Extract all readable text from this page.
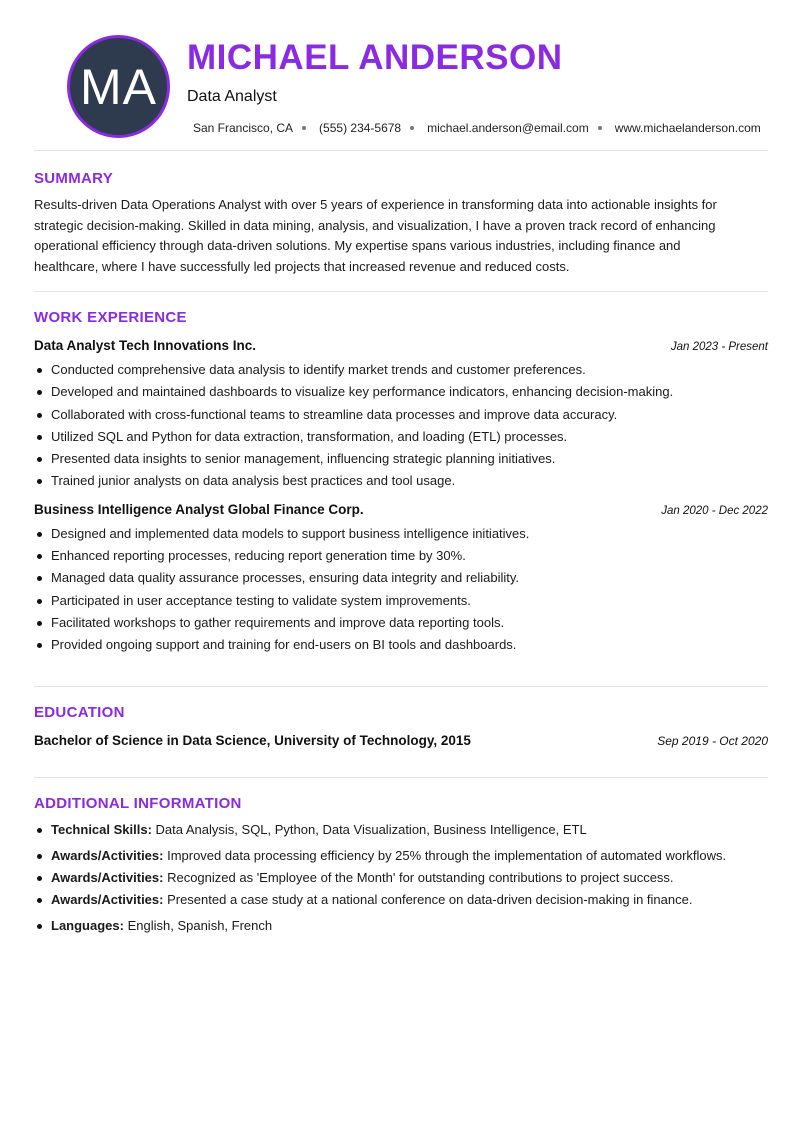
MA
MICHAEL ANDERSON
Data Analyst
San Francisco, CA (555) 234-5678 michael.anderson@email.com www.michaelanderson.com
SUMMARY
Results-driven Data Operations Analyst with over 5 years of experience in transforming data into actionable insights for
strategic decision-making. Skilled in data mining, analysis, and visualization, I have a proven track record of enhancing
operational efficiency through data-driven solutions. My expertise spans various industries, including finance and
healthcare, where I have successfully led projects that increased revenue and reduced costs.
WORK EXPERIENCE
Data Analyst Tech Innovations Inc.	Jan 2023 - Present
Conducted comprehensive data analysis to identify market trends and customer preferences.
Developed and maintained dashboards to visualize key performance indicators, enhancing decision-making.
Collaborated with cross-functional teams to streamline data processes and improve data accuracy.
Utilized SQL and Python for data extraction, transformation, and loading (ETL) processes.
Presented data insights to senior management, influencing strategic planning initiatives.
Trained junior analysts on data analysis best practices and tool usage.
Business Intelligence Analyst Global Finance Corp.	Jan 2020 - Dec 2022
Designed and implemented data models to support business intelligence initiatives.
Enhanced reporting processes, reducing report generation time by 30%.
Managed data quality assurance processes, ensuring data integrity and reliability.
Participated in user acceptance testing to validate system improvements.
Facilitated workshops to gather requirements and improve data reporting tools.
Provided ongoing support and training for end-users on BI tools and dashboards.
EDUCATION
Bachelor of Science in Data Science, University of Technology, 2015	Sep 2019 - Oct 2020
ADDITIONAL INFORMATION
Technical Skills: Data Analysis, SQL, Python, Data Visualization, Business Intelligence, ETL
Awards/Activities: Improved data processing efficiency by 25% through the implementation of automated workflows.
Awards/Activities: Recognized as 'Employee of the Month' for outstanding contributions to project success.
Awards/Activities: Presented a case study at a national conference on data-driven decision-making in finance.
Languages: English, Spanish, French
